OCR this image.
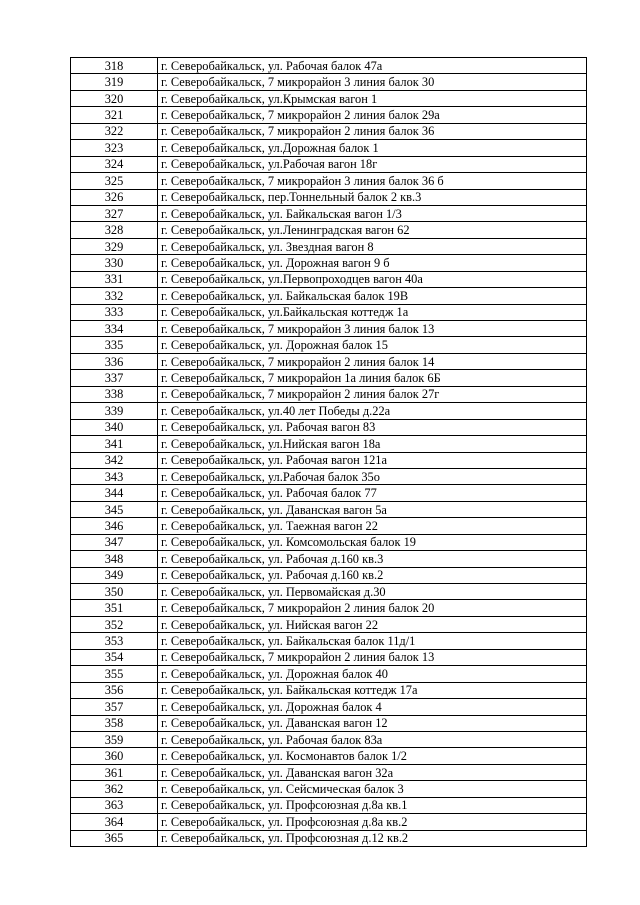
318	г. Северобайкальск, ул. Рабочая балок 47а
319	г. Северобайкальск, 7 микрорайон 3 линия балок 30
320	г. Северобайкальск, ул.Крымская вагон 1
321	г. Северобайкальск, 7 микрорайон 2 линия балок 29а
322	г. Северобайкальск, 7 микрорайон 2 линия балок 36
323	г. Северобайкальск, ул.Дорожная балок 1
324	г. Северобайкальск, ул.Рабочая вагон 18г
325	г. Северобайкальск, 7 микрорайон 3 линия балок 36 б
326	г. Северобайкальск, пер.Тоннельный балок 2 кв.3
327	г. Северобайкальск, ул. Байкальская вагон 1/3
328	г. Северобайкальск, ул.Ленинградская вагон 62
329	г. Северобайкальск, ул. Звездная вагон 8
330	г. Северобайкальск, ул. Дорожная вагон 9 б
331	г. Северобайкальск, ул.Первопроходцев вагон 40а
332	г. Северобайкальск, ул. Байкальская балок 19В
333	г. Северобайкальск, ул.Байкальская коттедж 1а
334	г. Северобайкальск, 7 микрорайон 3 линия балок 13
335	г. Северобайкальск, ул. Дорожная балок 15
336	г. Северобайкальск, 7 микрорайон 2 линия балок 14
337	г. Северобайкальск, 7 микрорайон 1а линия балок 6Б
338	г. Северобайкальск, 7 микрорайон 2 линия балок 27г
339	г. Северобайкальск, ул.40 лет Победы д.22а
340	г. Северобайкальск, ул. Рабочая вагон 83
341	г. Северобайкальск, ул.Нийская вагон 18а
342	г. Северобайкальск, ул. Рабочая вагон 121а
343	г. Северобайкальск, ул.Рабочая балок 35о
344	г. Северобайкальск, ул. Рабочая балок 77
345	г. Северобайкальск, ул. Даванская вагон 5а
346	г. Северобайкальск, ул. Таежная вагон 22
347	г. Северобайкальск, ул. Комсомольская балок 19
348	г. Северобайкальск, ул. Рабочая д.160 кв.3
349	г. Северобайкальск, ул. Рабочая д.160 кв.2
350	г. Северобайкальск, ул. Первомайская д.30
351	г. Северобайкальск, 7 микрорайон 2 линия балок 20
352	г. Северобайкальск, ул. Нийская вагон 22
353	г. Северобайкальск, ул. Байкальская балок 11д/1
354	г. Северобайкальск, 7 микрорайон 2 линия балок 13
355	г. Северобайкальск, ул. Дорожная балок 40
356	г. Северобайкальск, ул. Байкальская коттедж 17а
357	г. Северобайкальск, ул. Дорожная балок 4
358	г. Северобайкальск, ул. Даванская вагон 12
359	г. Северобайкальск, ул. Рабочая балок 83а
360	г. Северобайкальск, ул. Космонавтов балок 1/2
361	г. Северобайкальск, ул. Даванская вагон 32а
362	г. Северобайкальск, ул. Сейсмическая балок 3
363	г. Северобайкальск, ул. Профсоюзная д.8а кв.1
364	г. Северобайкальск, ул. Профсоюзная д.8а кв.2
365	г. Северобайкальск, ул. Профсоюзная д.12 кв.2
